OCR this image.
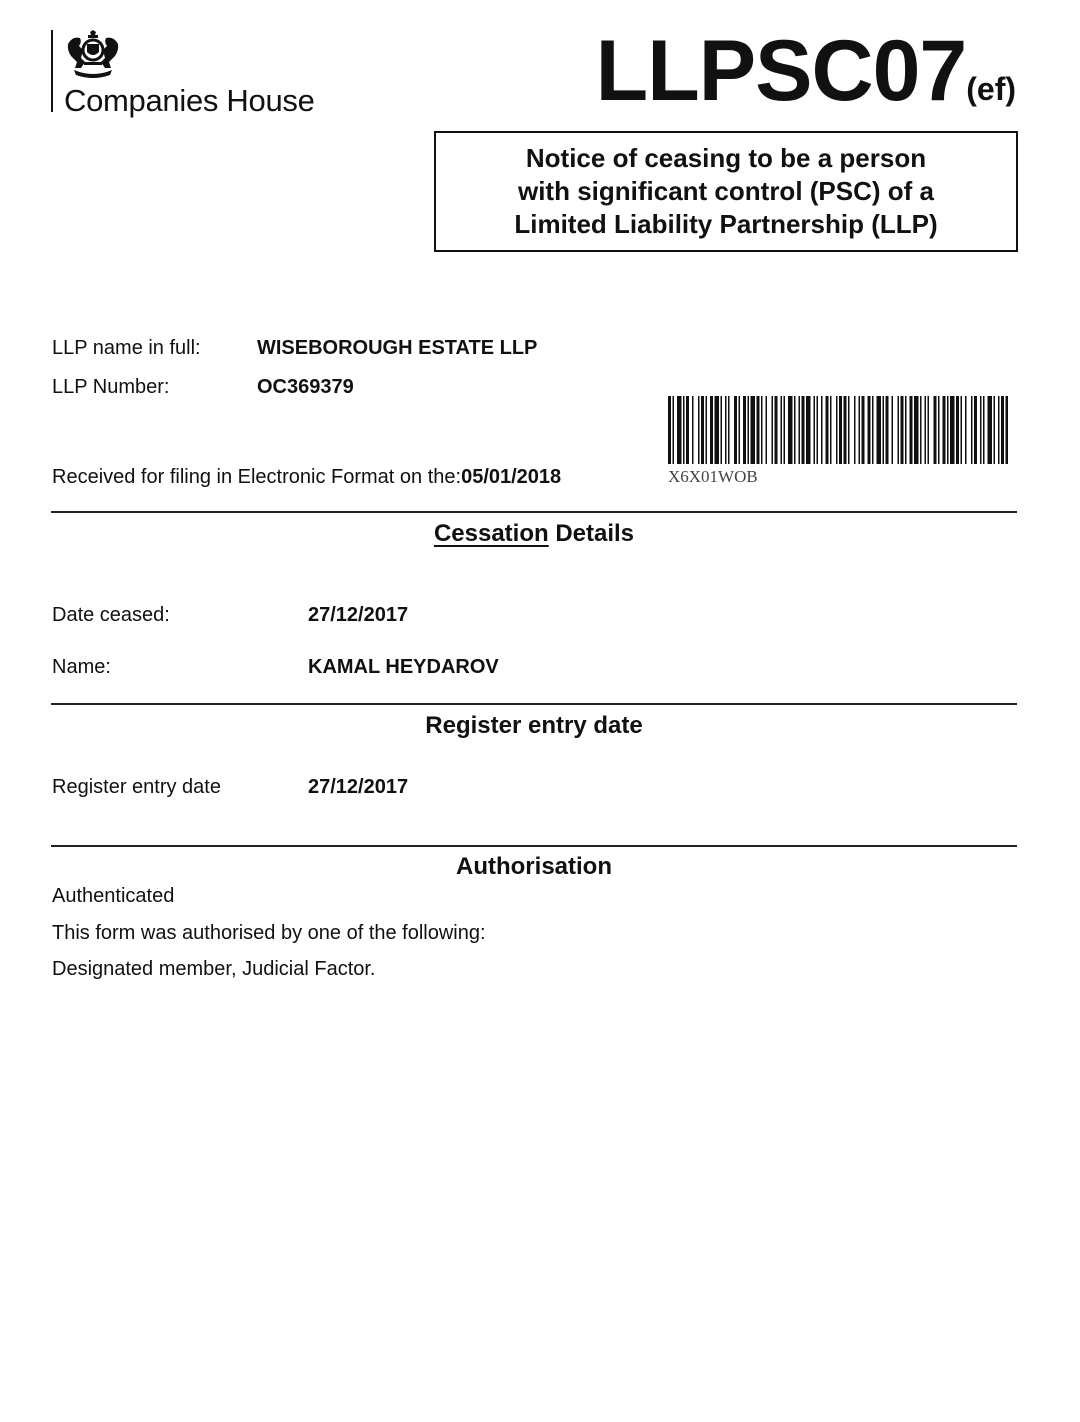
Companies House	LLPSC07(ef)
Notice of ceasing to be a person
with significant control (PSC) of a
Limited Liability Partnership (LLP)
LLP name in full:	WISEBOROUGH ESTATE LLP
LLP Number:	OC369379
X6X01WOB
Received for filing in Electronic Format on the:05/01/2018
Cessation Details
Date ceased:	27/12/2017
Name:	KAMAL HEYDAROV
Register entry date
Register entry date	27/12/2017
Authorisation
Authenticated
This form was authorised by one of the following:
Designated member, Judicial Factor.
